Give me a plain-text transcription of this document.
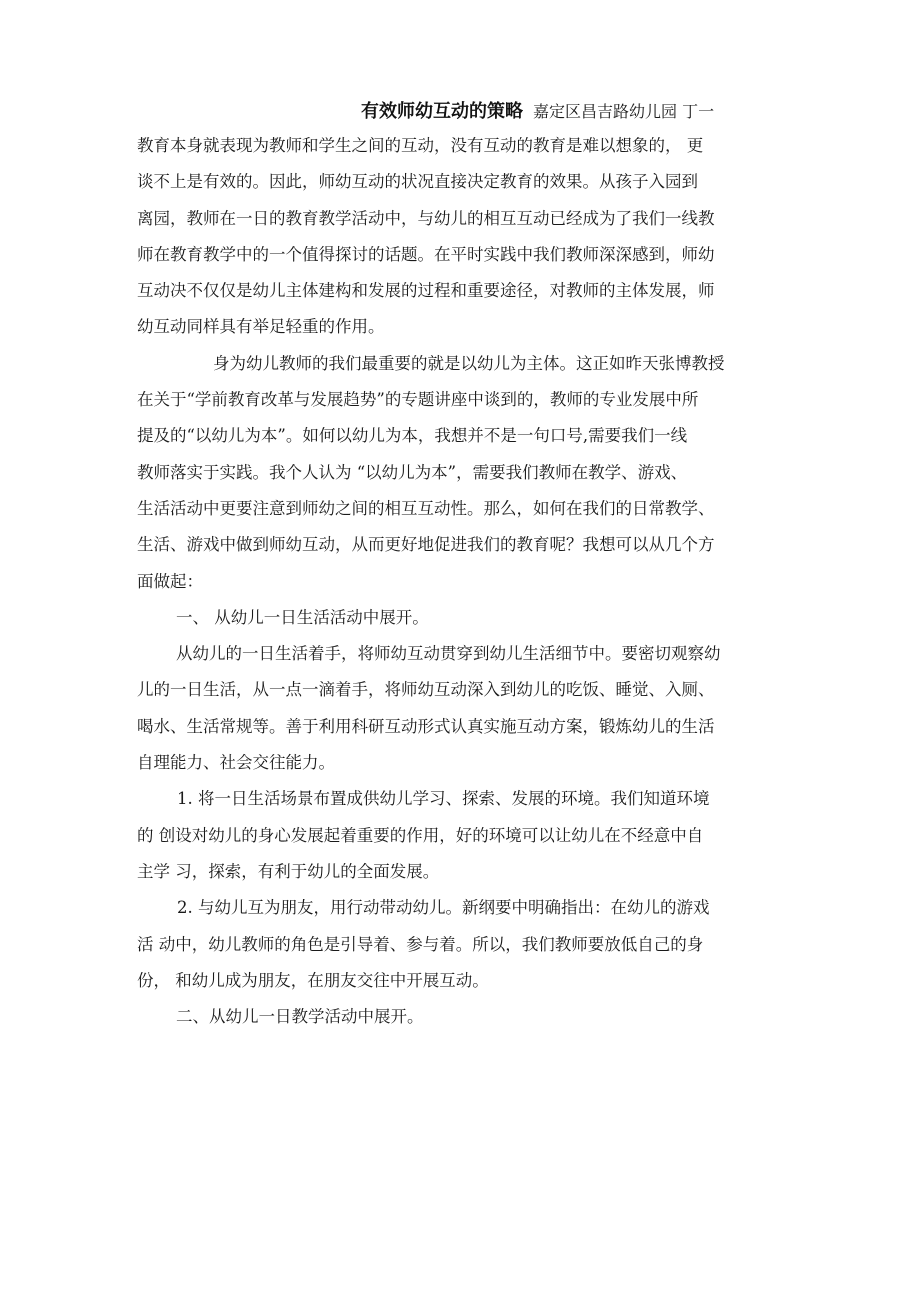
有效师幼互动的策略 嘉定区昌吉路幼儿园 丁一
教育本身就表现为教师和学生之间的互动，没有互动的教育是难以想象的， 更
谈不上是有效的。因此，师幼互动的状况直接决定教育的效果。从孩子入园到
离园，教师在一日的教育教学活动中，与幼儿的相互互动已经成为了我们一线教
师在教育教学中的一个值得探讨的话题。在平时实践中我们教师深深感到，师幼
互动决不仅仅是幼儿主体建构和发展的过程和重要途径，对教师的主体发展，师
幼互动同样具有举足轻重的作用。
身为幼儿教师的我们最重要的就是以幼儿为主体。这正如昨天张博教授
在关于“学前教育改革与发展趋势”的专题讲座中谈到的，教师的专业发展中所
提及的“以幼儿为本”。如何以幼儿为本，我想并不是一句口号,需要我们一线
教师落实于实践。我个人认为 “以幼儿为本”，需要我们教师在教学、游戏、
生活活动中更要注意到师幼之间的相互互动性。那么，如何在我们的日常教学、
生活、游戏中做到师幼互动，从而更好地促进我们的教育呢？我想可以从几个方
面做起：
一、 从幼儿一日生活活动中展开。
从幼儿的一日生活着手，将师幼互动贯穿到幼儿生活细节中。要密切观察幼
儿的一日生活，从一点一滴着手，将师幼互动深入到幼儿的吃饭、睡觉、入厕、
喝水、生活常规等。善于利用科研互动形式认真实施互动方案，锻炼幼儿的生活
自理能力、社会交往能力。
1. 将一日生活场景布置成供幼儿学习、探索、发展的环境。我们知道环境
的 创设对幼儿的身心发展起着重要的作用，好的环境可以让幼儿在不经意中自
主学 习，探索，有利于幼儿的全面发展。
2. 与幼儿互为朋友，用行动带动幼儿。新纲要中明确指出：在幼儿的游戏
活 动中，幼儿教师的角色是引导着、参与着。所以，我们教师要放低自己的身
份， 和幼儿成为朋友，在朋友交往中开展互动。
二、从幼儿一日教学活动中展开。
